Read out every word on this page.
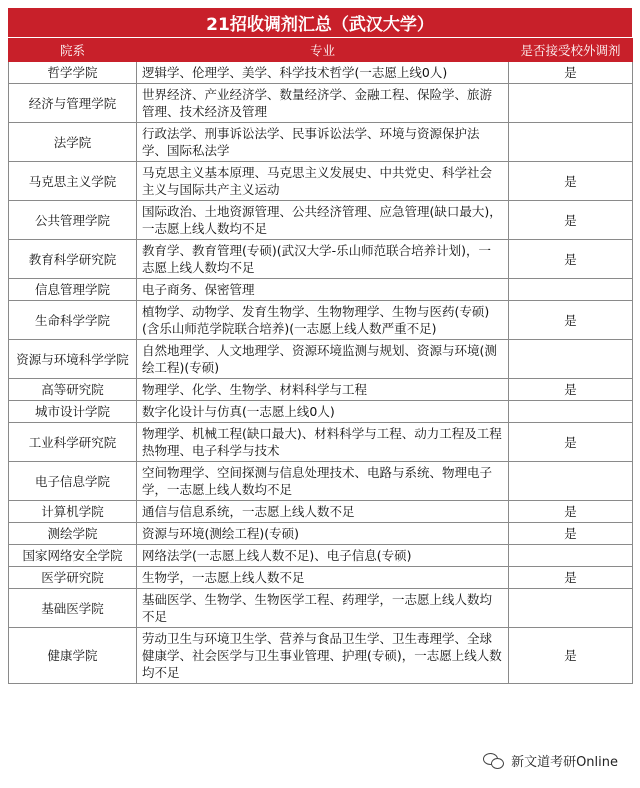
21招收调剂汇总（武汉大学）
院系	专业	是否接受校外调剂
哲学学院	逻辑学、伦理学、美学、科学技术哲学(一志愿上线0人)	是
经济与管理学院	世界经济、产业经济学、数量经济学、金融工程、保险学、旅游管理、技术经济及管理	
法学院	行政法学、刑事诉讼法学、民事诉讼法学、环境与资源保护法学、国际私法学	
马克思主义学院	马克思主义基本原理、马克思主义发展史、中共党史、科学社会主义与国际共产主义运动	是
公共管理学院	国际政治、土地资源管理、公共经济管理、应急管理(缺口最大)，一志愿上线人数均不足	是
教育科学研究院	教育学、教育管理(专硕)(武汉大学-乐山师范联合培养计划)，一志愿上线人数均不足	是
信息管理学院	电子商务、保密管理	
生命科学学院	植物学、动物学、发育生物学、生物物理学、生物与医药(专硕)(含乐山师范学院联合培养)(一志愿上线人数严重不足)	是
资源与环境科学学院	自然地理学、人文地理学、资源环境监测与规划、资源与环境(测绘工程)(专硕)	
高等研究院	物理学、化学、生物学、材料科学与工程	是
城市设计学院	数字化设计与仿真(一志愿上线0人)	
工业科学研究院	物理学、机械工程(缺口最大)、材料科学与工程、动力工程及工程热物理、电子科学与技术	是
电子信息学院	空间物理学、空间探测与信息处理技术、电路与系统、物理电子学，一志愿上线人数均不足	
计算机学院	通信与信息系统，一志愿上线人数不足	是
测绘学院	资源与环境(测绘工程)(专硕)	是
国家网络安全学院	网络法学(一志愿上线人数不足)、电子信息(专硕)	
医学研究院	生物学，一志愿上线人数不足	是
基础医学院	基础医学、生物学、生物医学工程、药理学，一志愿上线人数均不足	
健康学院	劳动卫生与环境卫生学、营养与食品卫生学、卫生毒理学、全球健康学、社会医学与卫生事业管理、护理(专硕)，一志愿上线人数均不足	是
新文道考研Online
